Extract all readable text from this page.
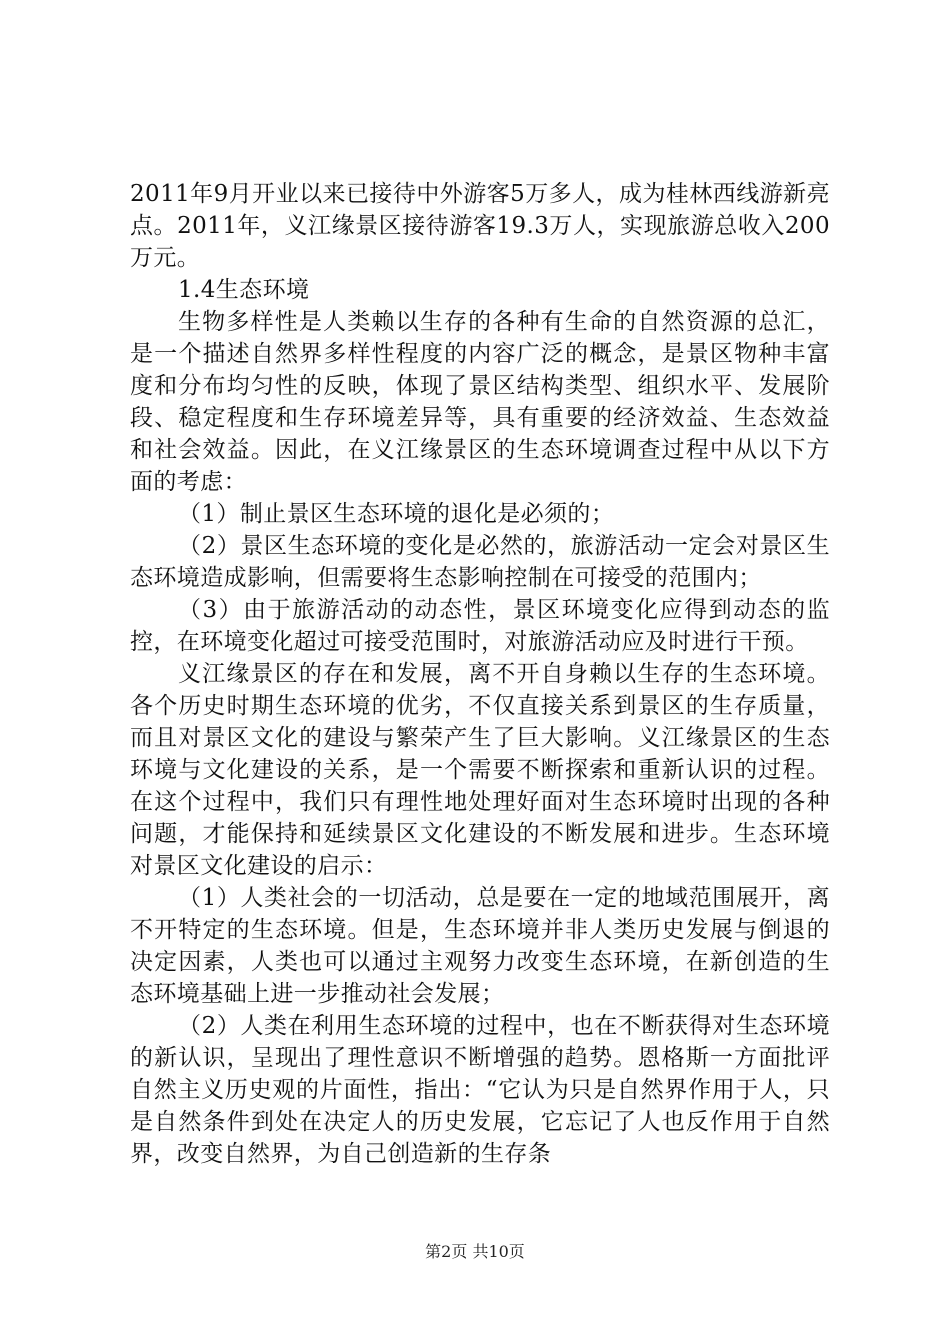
2011年9月开业以来已接待中外游客5万多人，成为桂林西线游新亮点。2011年，义江缘景区接待游客19.3万人，实现旅游总收入200万元。

1.4生态环境

生物多样性是人类赖以生存的各种有生命的自然资源的总汇，是一个描述自然界多样性程度的内容广泛的概念，是景区物种丰富度和分布均匀性的反映，体现了景区结构类型、组织水平、发展阶段、稳定程度和生存环境差异等，具有重要的经济效益、生态效益和社会效益。因此，在义江缘景区的生态环境调查过程中从以下方面的考虑：

（1）制止景区生态环境的退化是必须的；

（2）景区生态环境的变化是必然的，旅游活动一定会对景区生态环境造成影响，但需要将生态影响控制在可接受的范围内；

（3）由于旅游活动的动态性，景区环境变化应得到动态的监控，在环境变化超过可接受范围时，对旅游活动应及时进行干预。

义江缘景区的存在和发展，离不开自身赖以生存的生态环境。各个历史时期生态环境的优劣，不仅直接关系到景区的生存质量，而且对景区文化的建设与繁荣产生了巨大影响。义江缘景区的生态环境与文化建设的关系，是一个需要不断探索和重新认识的过程。在这个过程中，我们只有理性地处理好面对生态环境时出现的各种问题，才能保持和延续景区文化建设的不断发展和进步。生态环境对景区文化建设的启示：

（1）人类社会的一切活动，总是要在一定的地域范围展开，离不开特定的生态环境。但是，生态环境并非人类历史发展与倒退的决定因素，人类也可以通过主观努力改变生态环境，在新创造的生态环境基础上进一步推动社会发展；

（2）人类在利用生态环境的过程中，也在不断获得对生态环境的新认识，呈现出了理性意识不断增强的趋势。恩格斯一方面批评自然主义历史观的片面性，指出：“它认为只是自然界作用于人，只是自然条件到处在决定人的历史发展，它忘记了人也反作用于自然界，改变自然界，为自己创造新的生存条

第2页 共10页
